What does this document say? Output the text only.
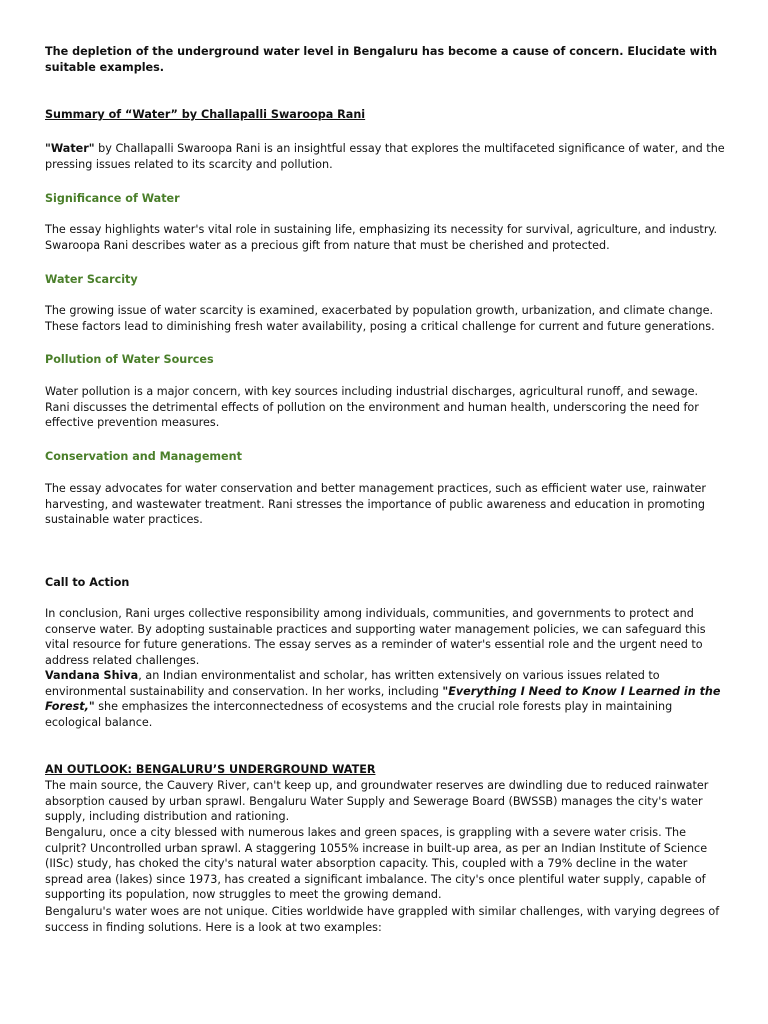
The depletion of the underground water level in Bengaluru has become a cause of concern. Elucidate with suitable examples.

Summary of “Water” by Challapalli Swaroopa Rani

"Water" by Challapalli Swaroopa Rani is an insightful essay that explores the multifaceted significance of water, and the pressing issues related to its scarcity and pollution.

Significance of Water

The essay highlights water's vital role in sustaining life, emphasizing its necessity for survival, agriculture, and industry. Swaroopa Rani describes water as a precious gift from nature that must be cherished and protected.

Water Scarcity

The growing issue of water scarcity is examined, exacerbated by population growth, urbanization, and climate change. These factors lead to diminishing fresh water availability, posing a critical challenge for current and future generations.

Pollution of Water Sources

Water pollution is a major concern, with key sources including industrial discharges, agricultural runoff, and sewage. Rani discusses the detrimental effects of pollution on the environment and human health, underscoring the need for effective prevention measures.

Conservation and Management

The essay advocates for water conservation and better management practices, such as efficient water use, rainwater harvesting, and wastewater treatment. Rani stresses the importance of public awareness and education in promoting sustainable water practices.

Call to Action

In conclusion, Rani urges collective responsibility among individuals, communities, and governments to protect and conserve water. By adopting sustainable practices and supporting water management policies, we can safeguard this vital resource for future generations. The essay serves as a reminder of water's essential role and the urgent need to address related challenges.

Vandana Shiva, an Indian environmentalist and scholar, has written extensively on various issues related to environmental sustainability and conservation. In her works, including "Everything I Need to Know I Learned in the Forest," she emphasizes the interconnectedness of ecosystems and the crucial role forests play in maintaining ecological balance.

AN OUTLOOK: BENGALURU’S UNDERGROUND WATER

The main source, the Cauvery River, can't keep up, and groundwater reserves are dwindling due to reduced rainwater absorption caused by urban sprawl. Bengaluru Water Supply and Sewerage Board (BWSSB) manages the city's water supply, including distribution and rationing.

Bengaluru, once a city blessed with numerous lakes and green spaces, is grappling with a severe water crisis. The culprit? Uncontrolled urban sprawl. A staggering 1055% increase in built-up area, as per an Indian Institute of Science (IISc) study, has choked the city's natural water absorption capacity. This, coupled with a 79% decline in the water spread area (lakes) since 1973, has created a significant imbalance. The city's once plentiful water supply, capable of supporting its population, now struggles to meet the growing demand.

Bengaluru's water woes are not unique. Cities worldwide have grappled with similar challenges, with varying degrees of success in finding solutions. Here is a look at two examples:
